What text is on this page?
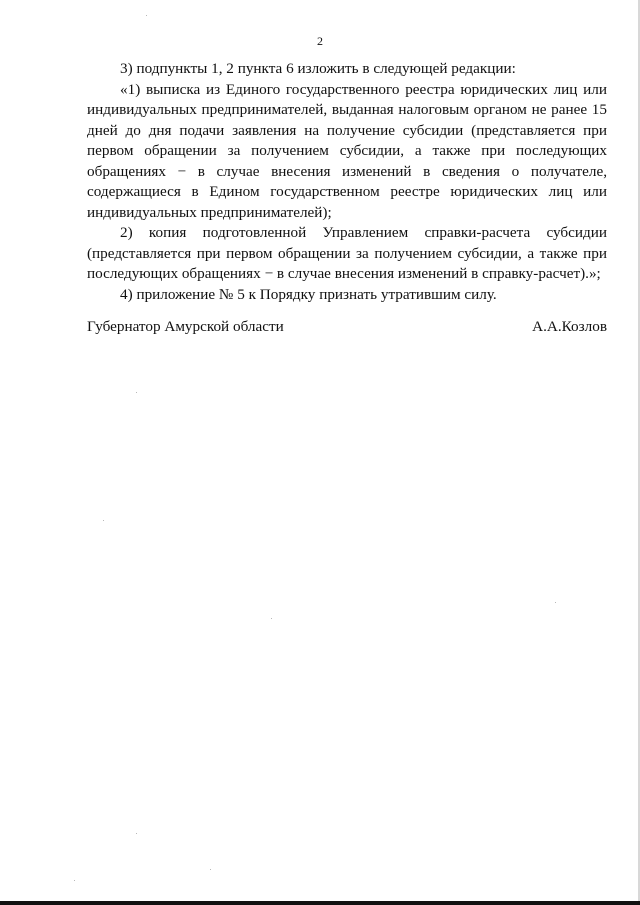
2

3) подпункты 1, 2 пункта 6 изложить в следующей редакции:

«1) выписка из Единого государственного реестра юридических лиц или индивидуальных предпринимателей, выданная налоговым органом не ранее 15 дней до дня подачи заявления на получение субсидии (представляется при первом обращении за получением субсидии, а также при последующих обращениях − в случае внесения изменений в сведения о получателе, содержащиеся в Едином государственном реестре юридических лиц или индивидуальных предпринимателей);

2) копия подготовленной Управлением справки-расчета субсидии (представляется при первом обращении за получением субсидии, а также при последующих обращениях − в случае внесения изменений в справку-расчет).»;

4) приложение № 5 к Порядку признать утратившим силу.

Губернатор Амурской области	А.А.Козлов
